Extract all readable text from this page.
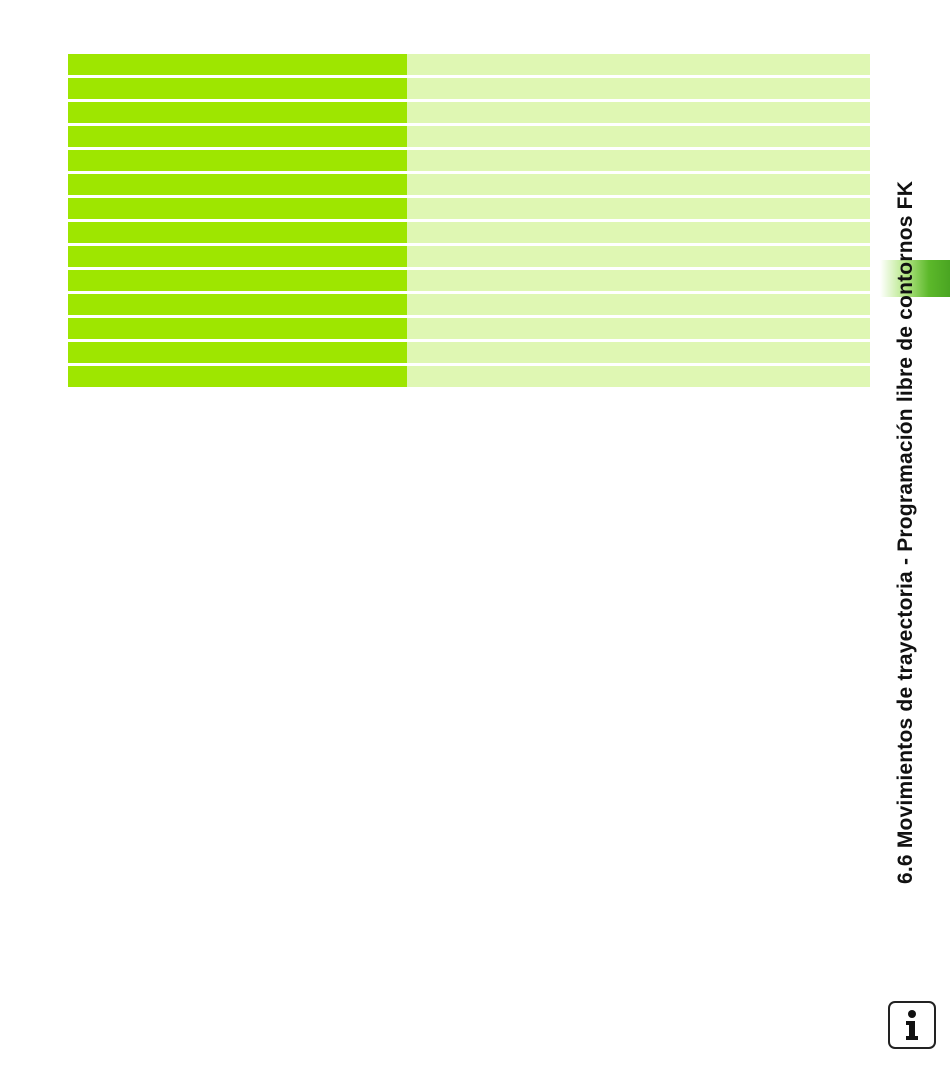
6.6 Movimientos de trayectoria - Programación libre de contornos FK
